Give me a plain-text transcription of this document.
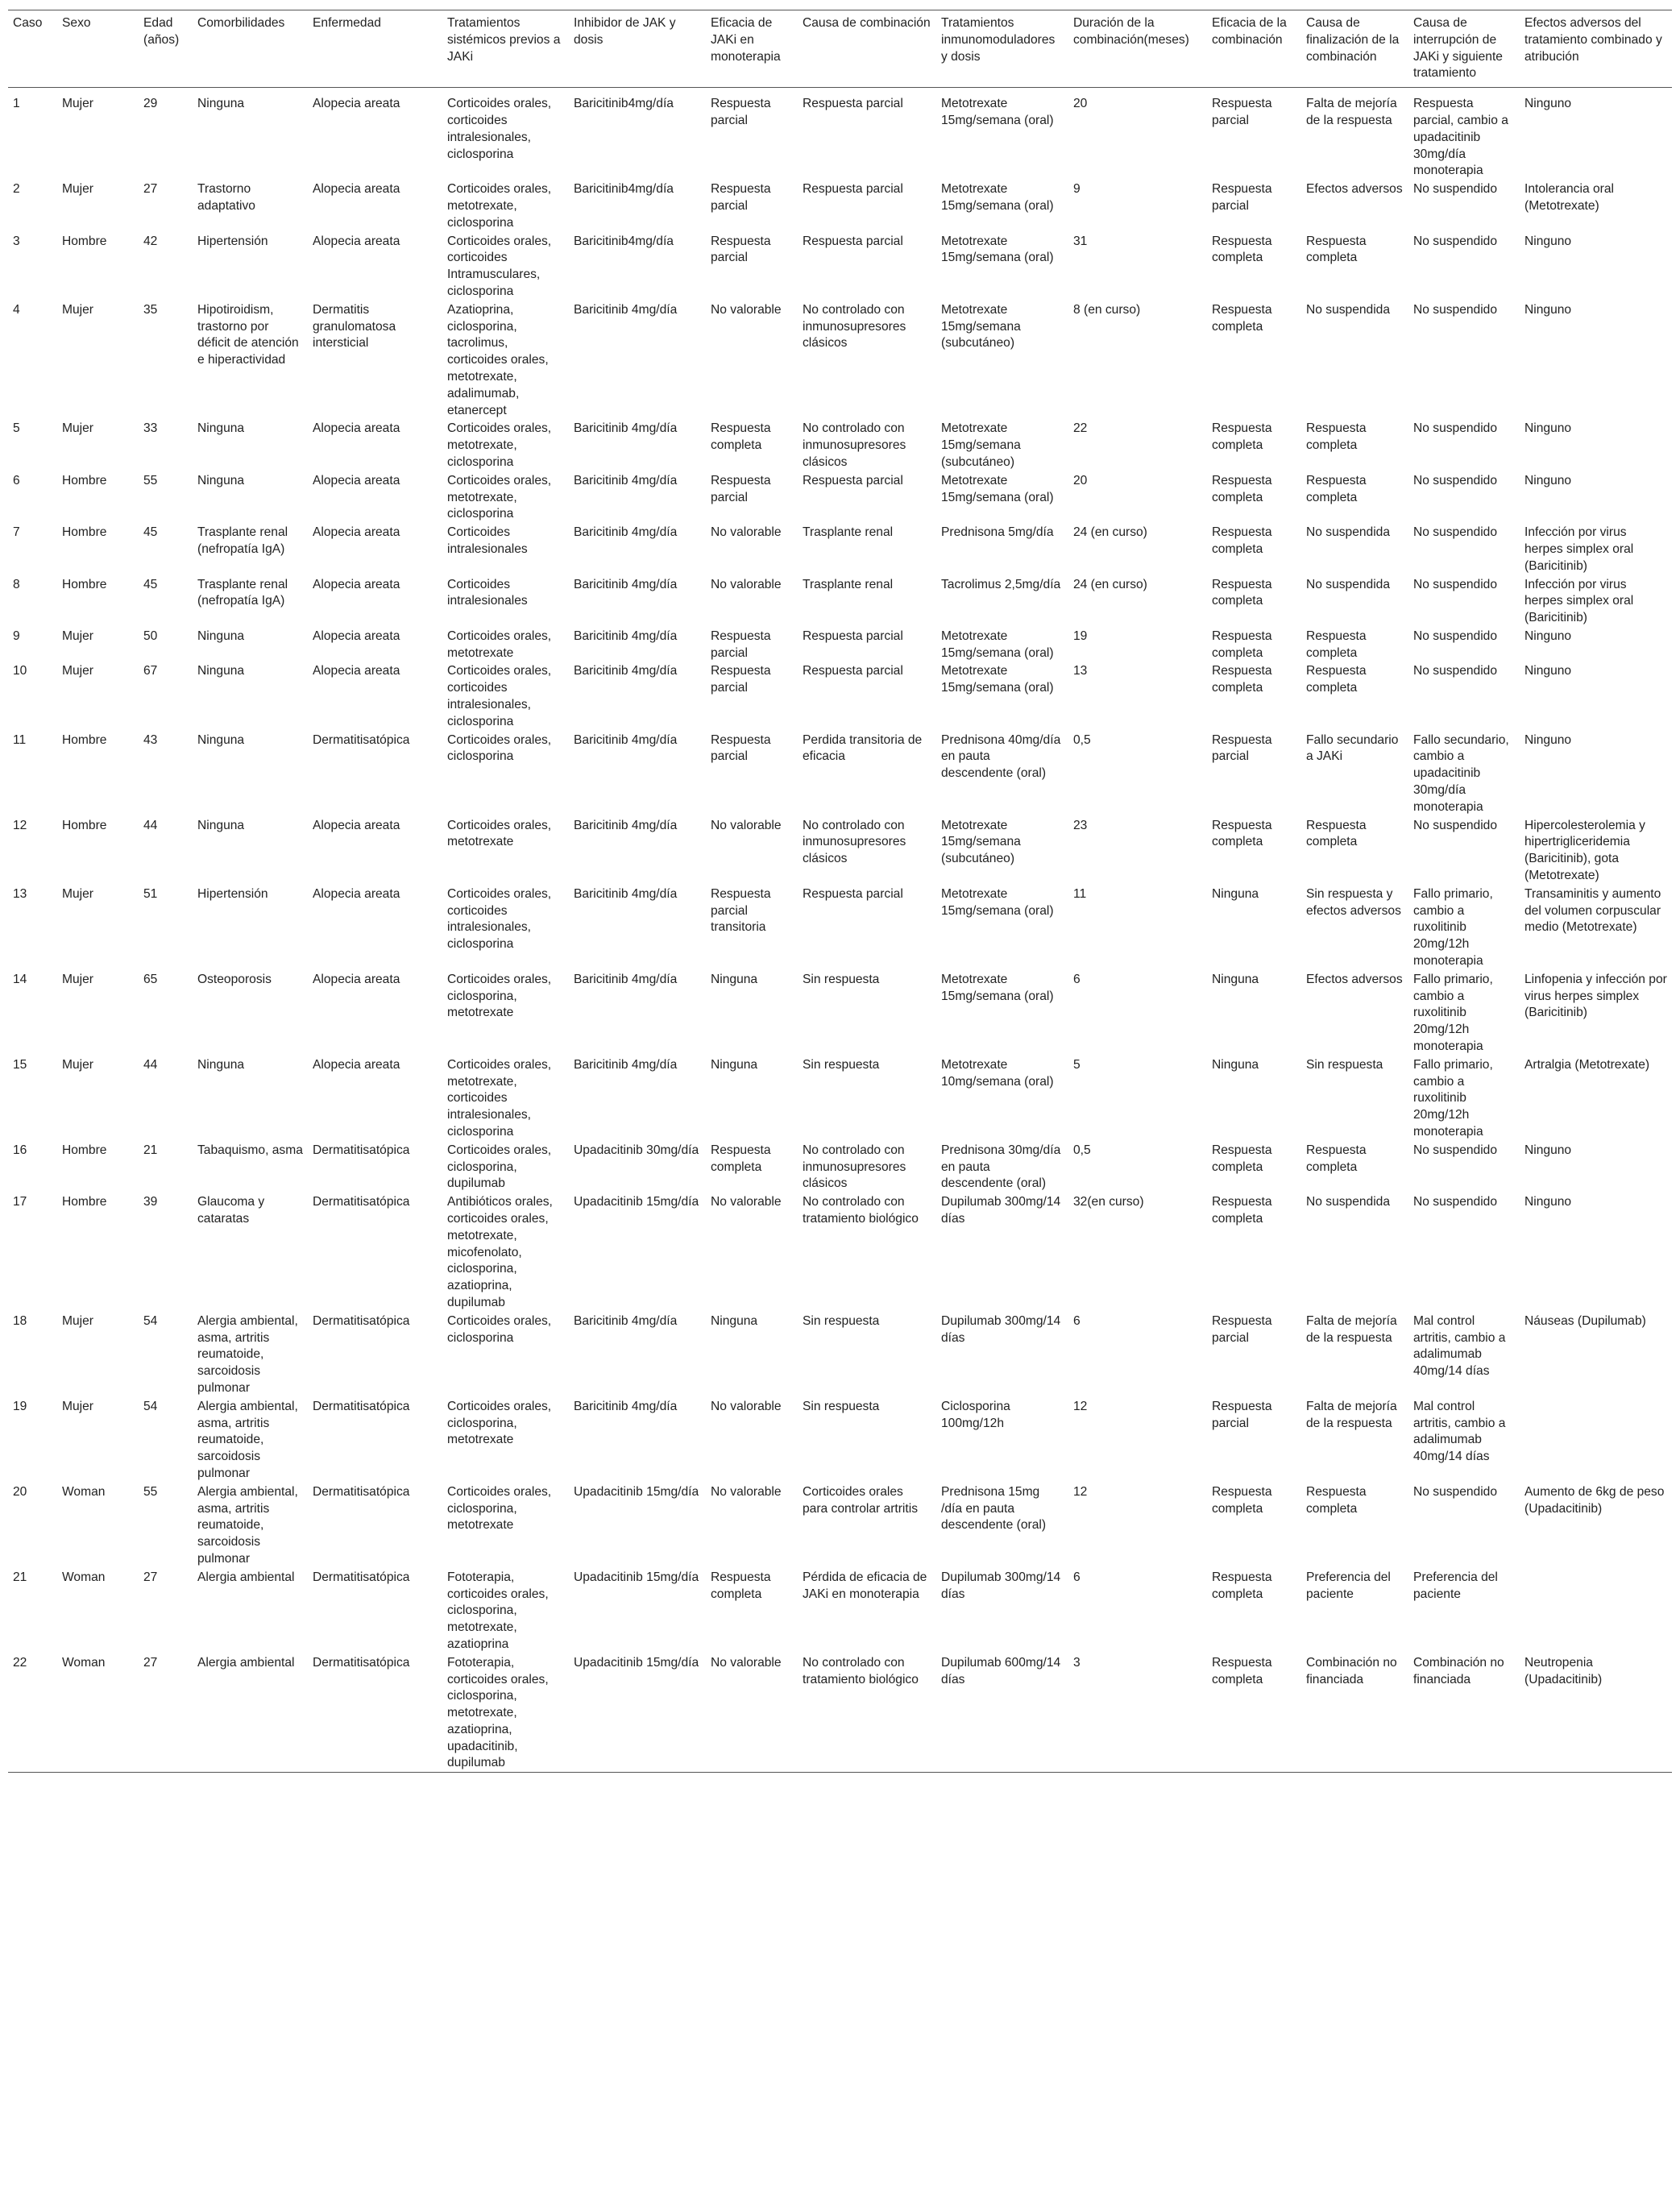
Caso	Sexo	Edad (años)	Comorbilidades	Enfermedad	Tratamientos sistémicos previos a JAKi	Inhibidor de JAK y dosis	Eficacia de JAKi en monoterapia	Causa de combinación	Tratamientos inmunomoduladores y dosis	Duración de la combinación(meses)	Eficacia de la combinación	Causa de finalización de la combinación	Causa de interrupción de JAKi y siguiente tratamiento	Efectos adversos del tratamiento combinado y atribución
1	Mujer	29	Ninguna	Alopecia areata	Corticoides orales, corticoides intralesionales, ciclosporina	Baricitinib4mg/día	Respuesta parcial	Respuesta parcial	Metotrexate 15mg/semana (oral)	20	Respuesta parcial	Falta de mejoría de la respuesta	Respuesta parcial, cambio a upadacitinib 30mg/día monoterapia	Ninguno
2	Mujer	27	Trastorno adaptativo	Alopecia areata	Corticoides orales, metotrexate, ciclosporina	Baricitinib4mg/día	Respuesta parcial	Respuesta parcial	Metotrexate 15mg/semana (oral)	9	Respuesta parcial	Efectos adversos	No suspendido	Intolerancia oral (Metotrexate)
3	Hombre	42	Hipertensión	Alopecia areata	Corticoides orales, corticoides Intramusculares, ciclosporina	Baricitinib4mg/día	Respuesta parcial	Respuesta parcial	Metotrexate 15mg/semana (oral)	31	Respuesta completa	Respuesta completa	No suspendido	Ninguno
4	Mujer	35	Hipotiroidism, trastorno por déficit de atención e hiperactividad	Dermatitis granulomatosa intersticial	Azatioprina, ciclosporina, tacrolimus, corticoides orales, metotrexate, adalimumab, etanercept	Baricitinib 4mg/día	No valorable	No controlado con inmunosupresores clásicos	Metotrexate 15mg/semana (subcutáneo)	8 (en curso)	Respuesta completa	No suspendida	No suspendido	Ninguno
5	Mujer	33	Ninguna	Alopecia areata	Corticoides orales, metotrexate, ciclosporina	Baricitinib 4mg/día	Respuesta completa	No controlado con inmunosupresores clásicos	Metotrexate 15mg/semana (subcutáneo)	22	Respuesta completa	Respuesta completa	No suspendido	Ninguno
6	Hombre	55	Ninguna	Alopecia areata	Corticoides orales, metotrexate, ciclosporina	Baricitinib 4mg/día	Respuesta parcial	Respuesta parcial	Metotrexate 15mg/semana (oral)	20	Respuesta completa	Respuesta completa	No suspendido	Ninguno
7	Hombre	45	Trasplante renal (nefropatía IgA)	Alopecia areata	Corticoides intralesionales	Baricitinib 4mg/día	No valorable	Trasplante renal	Prednisona 5mg/día	24 (en curso)	Respuesta completa	No suspendida	No suspendido	Infección por virus herpes simplex oral (Baricitinib)
8	Hombre	45	Trasplante renal (nefropatía IgA)	Alopecia areata	Corticoides intralesionales	Baricitinib 4mg/día	No valorable	Trasplante renal	Tacrolimus 2,5mg/día	24 (en curso)	Respuesta completa	No suspendida	No suspendido	Infección por virus herpes simplex oral (Baricitinib)
9	Mujer	50	Ninguna	Alopecia areata	Corticoides orales, metotrexate	Baricitinib 4mg/día	Respuesta parcial	Respuesta parcial	Metotrexate 15mg/semana (oral)	19	Respuesta completa	Respuesta completa	No suspendido	Ninguno
10	Mujer	67	Ninguna	Alopecia areata	Corticoides orales, corticoides intralesionales, ciclosporina	Baricitinib 4mg/día	Respuesta parcial	Respuesta parcial	Metotrexate 15mg/semana (oral)	13	Respuesta completa	Respuesta completa	No suspendido	Ninguno
11	Hombre	43	Ninguna	Dermatitisatópica	Corticoides orales, ciclosporina	Baricitinib 4mg/día	Respuesta parcial	Perdida transitoria de eficacia	Prednisona 40mg/día en pauta descendente (oral)	0,5	Respuesta parcial	Fallo secundario a JAKi	Fallo secundario, cambio a upadacitinib 30mg/día monoterapia	Ninguno
12	Hombre	44	Ninguna	Alopecia areata	Corticoides orales, metotrexate	Baricitinib 4mg/día	No valorable	No controlado con inmunosupresores clásicos	Metotrexate 15mg/semana (subcutáneo)	23	Respuesta completa	Respuesta completa	No suspendido	Hipercolesterolemia y hipertrigliceridemia (Baricitinib), gota (Metotrexate)
13	Mujer	51	Hipertensión	Alopecia areata	Corticoides orales, corticoides intralesionales, ciclosporina	Baricitinib 4mg/día	Respuesta parcial transitoria	Respuesta parcial	Metotrexate 15mg/semana (oral)	11	Ninguna	Sin respuesta y efectos adversos	Fallo primario, cambio a ruxolitinib 20mg/12h monoterapia	Transaminitis y aumento del volumen corpuscular medio (Metotrexate)
14	Mujer	65	Osteoporosis	Alopecia areata	Corticoides orales, ciclosporina, metotrexate	Baricitinib 4mg/día	Ninguna	Sin respuesta	Metotrexate 15mg/semana (oral)	6	Ninguna	Efectos adversos	Fallo primario, cambio a ruxolitinib 20mg/12h monoterapia	Linfopenia y infección por virus herpes simplex (Baricitinib)
15	Mujer	44	Ninguna	Alopecia areata	Corticoides orales, metotrexate, corticoides intralesionales, ciclosporina	Baricitinib 4mg/día	Ninguna	Sin respuesta	Metotrexate 10mg/semana (oral)	5	Ninguna	Sin respuesta	Fallo primario, cambio a ruxolitinib 20mg/12h monoterapia	Artralgia (Metotrexate)
16	Hombre	21	Tabaquismo, asma	Dermatitisatópica	Corticoides orales, ciclosporina, dupilumab	Upadacitinib 30mg/día	Respuesta completa	No controlado con inmunosupresores clásicos	Prednisona 30mg/día en pauta descendente (oral)	0,5	Respuesta completa	Respuesta completa	No suspendido	Ninguno
17	Hombre	39	Glaucoma y cataratas	Dermatitisatópica	Antibióticos orales, corticoides orales, metotrexate, micofenolato, ciclosporina, azatioprina, dupilumab	Upadacitinib 15mg/día	No valorable	No controlado con tratamiento biológico	Dupilumab 300mg/14 días	32(en curso)	Respuesta completa	No suspendida	No suspendido	Ninguno
18	Mujer	54	Alergia ambiental, asma, artritis reumatoide, sarcoidosis pulmonar	Dermatitisatópica	Corticoides orales, ciclosporina	Baricitinib 4mg/día	Ninguna	Sin respuesta	Dupilumab 300mg/14 días	6	Respuesta parcial	Falta de mejoría de la respuesta	Mal control artritis, cambio a adalimumab 40mg/14 días	Náuseas (Dupilumab)
19	Mujer	54	Alergia ambiental, asma, artritis reumatoide, sarcoidosis pulmonar	Dermatitisatópica	Corticoides orales, ciclosporina, metotrexate	Baricitinib 4mg/día	No valorable	Sin respuesta	Ciclosporina 100mg/12h	12	Respuesta parcial	Falta de mejoría de la respuesta	Mal control artritis, cambio a adalimumab 40mg/14 días	
20	Woman	55	Alergia ambiental, asma, artritis reumatoide, sarcoidosis pulmonar	Dermatitisatópica	Corticoides orales, ciclosporina, metotrexate	Upadacitinib 15mg/día	No valorable	Corticoides orales para controlar artritis	Prednisona 15mg /día en pauta descendente (oral)	12	Respuesta completa	Respuesta completa	No suspendido	Aumento de 6kg de peso (Upadacitinib)
21	Woman	27	Alergia ambiental	Dermatitisatópica	Fototerapia, corticoides orales, ciclosporina, metotrexate, azatioprina	Upadacitinib 15mg/día	Respuesta completa	Pérdida de eficacia de JAKi en monoterapia	Dupilumab 300mg/14 días	6	Respuesta completa	Preferencia del paciente	Preferencia del paciente	
22	Woman	27	Alergia ambiental	Dermatitisatópica	Fototerapia, corticoides orales, ciclosporina, metotrexate, azatioprina, upadacitinib, dupilumab	Upadacitinib 15mg/día	No valorable	No controlado con tratamiento biológico	Dupilumab 600mg/14 días	3	Respuesta completa	Combinación no financiada	Combinación no financiada	Neutropenia (Upadacitinib)
